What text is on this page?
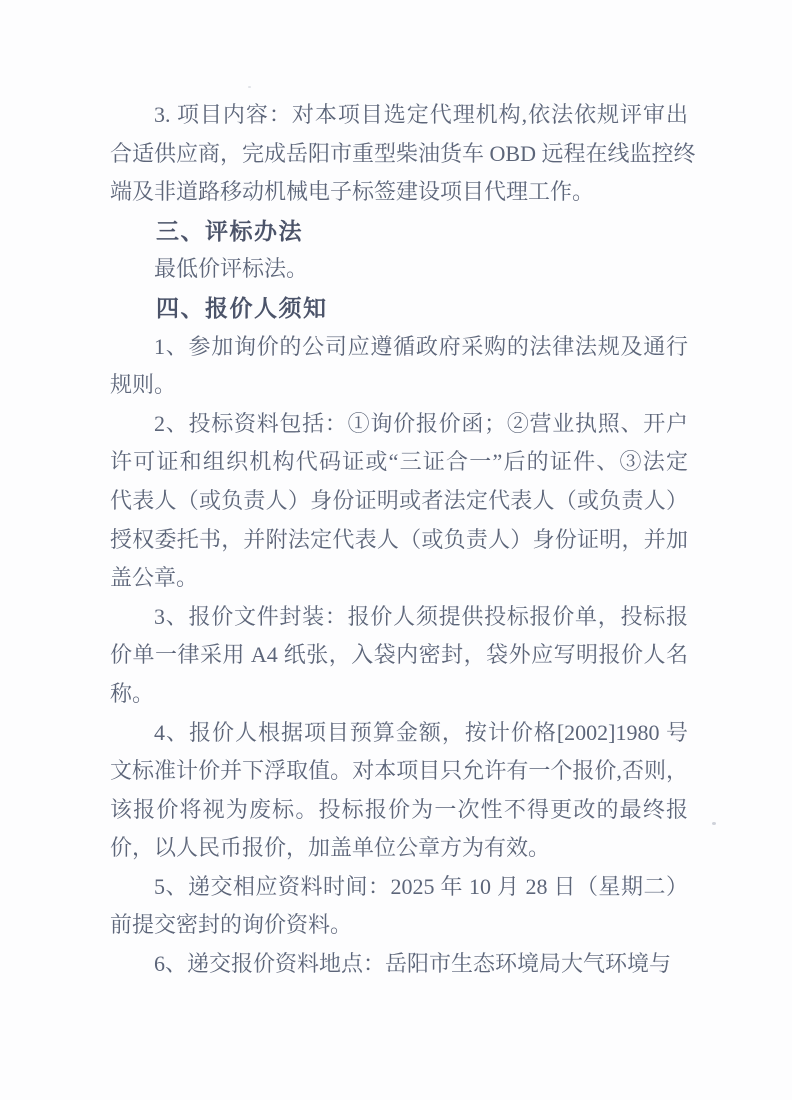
3. 项目内容：对本项目选定代理机构,依法依规评审出
合适供应商，完成岳阳市重型柴油货车 OBD 远程在线监控终
端及非道路移动机械电子标签建设项目代理工作。
三、评标办法
最低价评标法。
四、报价人须知
1、参加询价的公司应遵循政府采购的法律法规及通行
规则。
2、投标资料包括：①询价报价函；②营业执照、开户
许可证和组织机构代码证或“三证合一”后的证件、③法定
代表人（或负责人）身份证明或者法定代表人（或负责人）
授权委托书，并附法定代表人（或负责人）身份证明，并加
盖公章。
3、报价文件封装：报价人须提供投标报价单，投标报
价单一律采用 A4 纸张，入袋内密封，袋外应写明报价人名
称。
4、报价人根据项目预算金额，按计价格[2002]1980 号
文标准计价并下浮取值。对本项目只允许有一个报价,否则，
该报价将视为废标。投标报价为一次性不得更改的最终报
价，以人民币报价，加盖单位公章方为有效。
5、递交相应资料时间：2025 年 10 月 28 日（星期二）
前提交密封的询价资料。
6、递交报价资料地点：岳阳市生态环境局大气环境与
